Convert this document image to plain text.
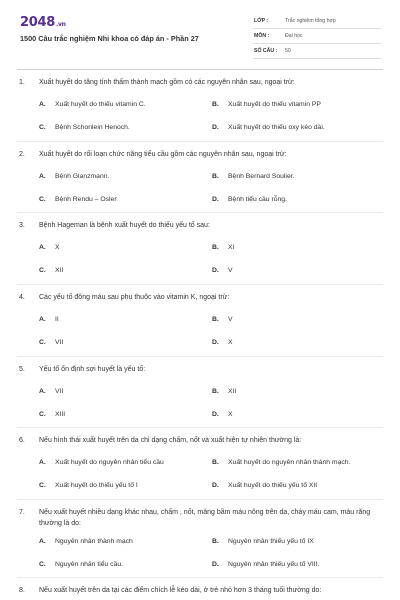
2048.vn
1500 Câu trắc nghiệm Nhi khoa có đáp án - Phần 27
LỚP :	Trắc nghiệm tổng hợp
MÔN :	Đại học
SỐ CÂU : 50
1. Xuất huyết do tăng tính thấm thành mạch gồm có các nguyên nhân sau, ngoại trừ:
A. Xuất huyết do thiếu vitamin C.	B. Xuất huyết do thiếu vitamin PP
C. Bệnh Schonlein Henoch.	D. Xuất huyết do thiếu oxy kéo dài.
2. Xuất huyết do rối loạn chức năng tiểu cầu gồm các nguyên nhân sau, ngoại trừ:
A. Bệnh Glanzmann.	B. Bệnh Bernard Soulier.
C. Bệnh Rendu – Osler	D. Bệnh tiểu cầu rỗng.
3. Bệnh Hageman là bệnh xuất huyết do thiếu yếu tố sau:
A. X	B. XI
C. XII	D. V
4. Các yếu tố đông máu sau phụ thuộc vào vitamin K, ngoại trừ:
A. II	B. V
C. VII	D. X
5. Yếu tố ổn định sợi huyết là yếu tố:
A. VII	B. XII
C. XIII	D. X
6. Nếu hình thái xuất huyết trên da chỉ dạng chấm, nốt và xuất hiện tự nhiên thường là:
A. Xuất huyết do nguyên nhân tiểu cầu	B. Xuất huyết do nguyên nhân thành mạch.
C. Xuất huyết do thiếu yếu tố I	D. Xuất huyết do thiếu yếu tố XII
7. Nếu xuất huyết nhiều dạng khác nhau, chấm , nốt, mảng bầm máu nông trên da, chảy máu cam, máu răng thường là do:
A. Nguyên nhân thành mạch	B. Nguyên nhân thiếu yếu tố IX
C. Nguyên nhân tiểu cầu.	D. Nguyên nhân thiếu yếu tố VIII.
8. Nếu xuất huyết trên da tại các điểm chích lễ kéo dài, ở trẻ nhỏ hơn 3 tháng tuổi thường do:
